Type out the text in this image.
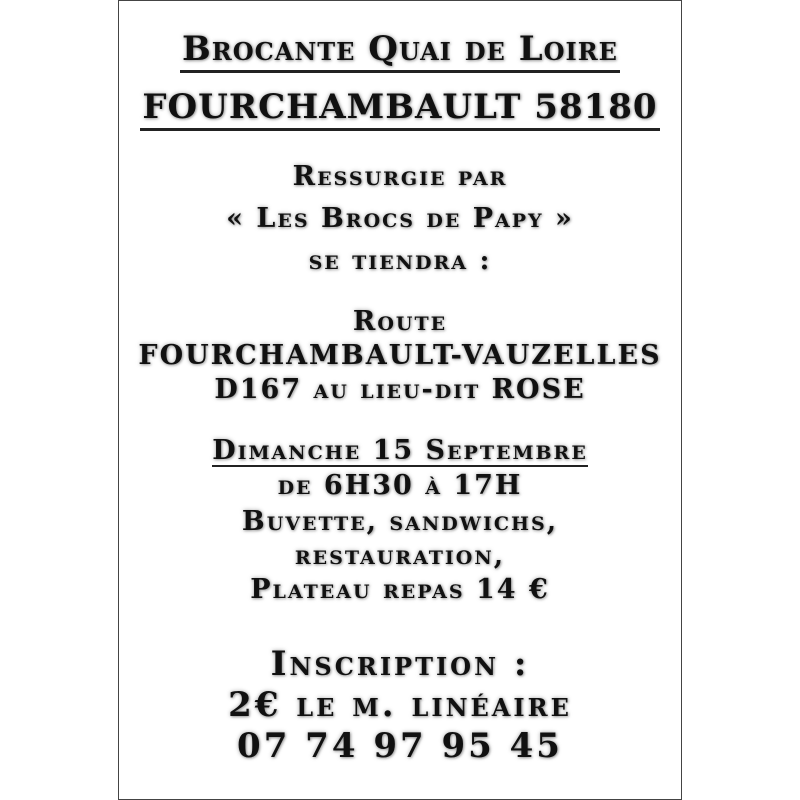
Brocante Quai de Loire
FOURCHAMBAULT 58180
Ressurgie par
« Les Brocs de Papy »
se tiendra :
Route
FOURCHAMBAULT-VAUZELLES
D167 au lieu-dit ROSE
Dimanche 15 Septembre
de 6H30 à 17H
Buvette, sandwichs,
restauration,
Plateau repas 14 €
Inscription :
2€ le m. linéaire
07 74 97 95 45
